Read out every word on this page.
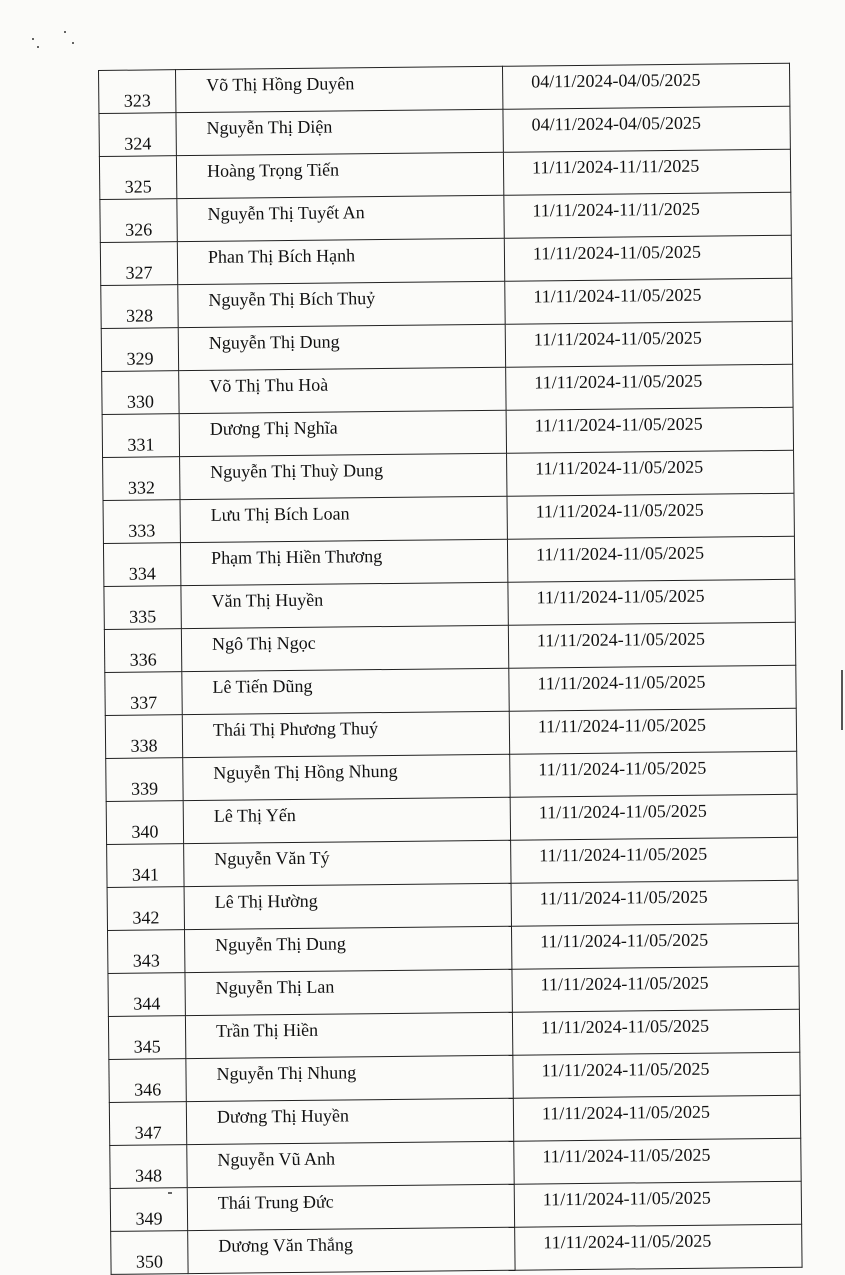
323	Võ Thị Hồng Duyên	04/11/2024-04/05/2025
324	Nguyễn Thị Diện	04/11/2024-04/05/2025
325	Hoàng Trọng Tiến	11/11/2024-11/11/2025
326	Nguyễn Thị Tuyết An	11/11/2024-11/11/2025
327	Phan Thị Bích Hạnh	11/11/2024-11/05/2025
328	Nguyễn Thị Bích Thuỷ	11/11/2024-11/05/2025
329	Nguyễn Thị Dung	11/11/2024-11/05/2025
330	Võ Thị Thu Hoà	11/11/2024-11/05/2025
331	Dương Thị Nghĩa	11/11/2024-11/05/2025
332	Nguyễn Thị Thuỳ Dung	11/11/2024-11/05/2025
333	Lưu Thị Bích Loan	11/11/2024-11/05/2025
334	Phạm Thị Hiền Thương	11/11/2024-11/05/2025
335	Văn Thị Huyền	11/11/2024-11/05/2025
336	Ngô Thị Ngọc	11/11/2024-11/05/2025
337	Lê Tiến Dũng	11/11/2024-11/05/2025
338	Thái Thị Phương Thuý	11/11/2024-11/05/2025
339	Nguyễn Thị Hồng Nhung	11/11/2024-11/05/2025
340	Lê Thị Yến	11/11/2024-11/05/2025
341	Nguyễn Văn Tý	11/11/2024-11/05/2025
342	Lê Thị Hường	11/11/2024-11/05/2025
343	Nguyễn Thị Dung	11/11/2024-11/05/2025
344	Nguyễn Thị Lan	11/11/2024-11/05/2025
345	Trần Thị Hiền	11/11/2024-11/05/2025
346	Nguyễn Thị Nhung	11/11/2024-11/05/2025
347	Dương Thị Huyền	11/11/2024-11/05/2025
348	Nguyễn Vũ Anh	11/11/2024-11/05/2025
349	Thái Trung Đức	11/11/2024-11/05/2025
350	Dương Văn Thắng	11/11/2024-11/05/2025
